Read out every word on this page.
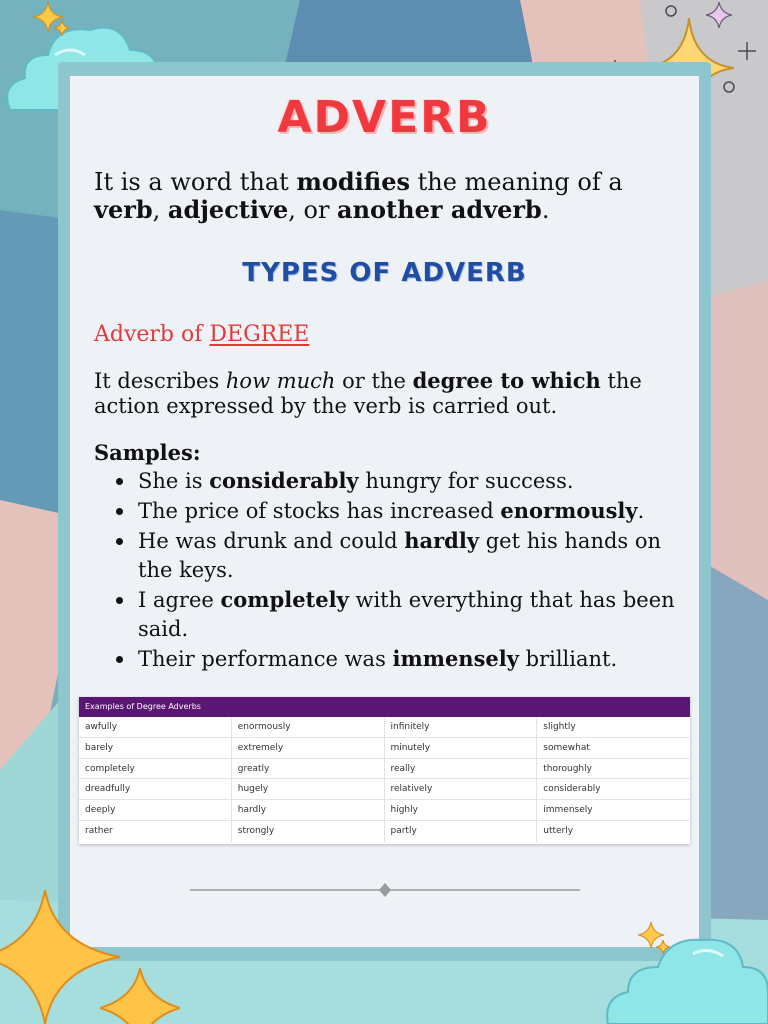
ADVERB
It is a word that modifies the meaning of a verb, adjective, or another adverb.
TYPES OF ADVERB
Adverb of DEGREE
It describes how much or the degree to which the action expressed by the verb is carried out.
Samples:
She is considerably hungry for success.
The price of stocks has increased enormously.
He was drunk and could hardly get his hands on the keys.
I agree completely with everything that has been said.
Their performance was immensely brilliant.
Examples of Degree Adverbs
awfully	enormously	infinitely	slightly
barely	extremely	minutely	somewhat
completely	greatly	really	thoroughly
dreadfully	hugely	relatively	considerably
deeply	hardly	highly	immensely
rather	strongly	partly	utterly
